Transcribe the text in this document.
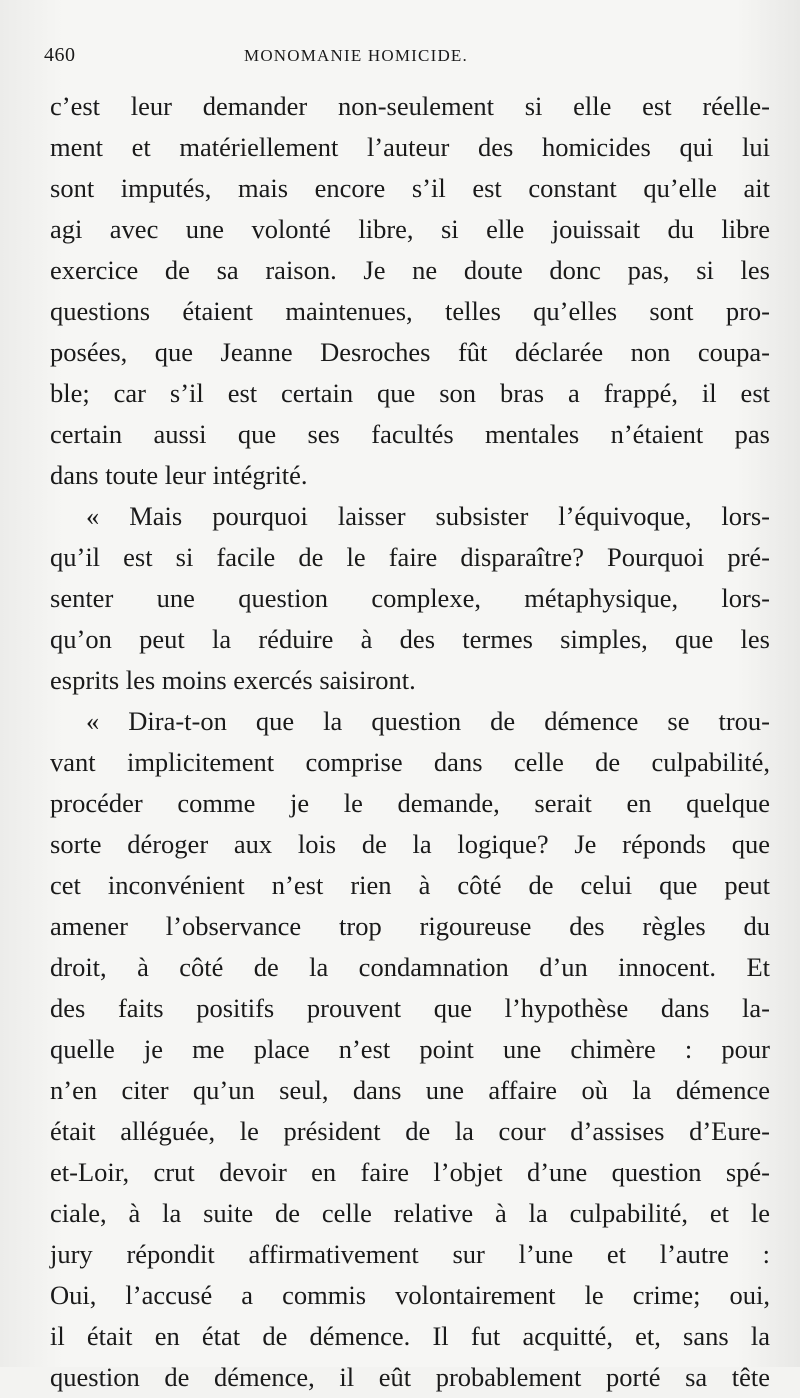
460	MONOMANIE HOMICIDE.
c’est leur demander non-seulement si elle est réelle-
ment et matériellement l’auteur des homicides qui lui
sont imputés, mais encore s’il est constant qu’elle ait
agi avec une volonté libre, si elle jouissait du libre
exercice de sa raison. Je ne doute donc pas, si les
questions étaient maintenues, telles qu’elles sont pro-
posées, que Jeanne Desroches fût déclarée non coupa-
ble; car s’il est certain que son bras a frappé, il est
certain aussi que ses facultés mentales n’étaient pas
dans toute leur intégrité.
« Mais pourquoi laisser subsister l’équivoque, lors-
qu’il est si facile de le faire disparaître? Pourquoi pré-
senter une question complexe, métaphysique, lors-
qu’on peut la réduire à des termes simples, que les
esprits les moins exercés saisiront.
« Dira-t-on que la question de démence se trou-
vant implicitement comprise dans celle de culpabilité,
procéder comme je le demande, serait en quelque
sorte déroger aux lois de la logique? Je réponds que
cet inconvénient n’est rien à côté de celui que peut
amener l’observance trop rigoureuse des règles du
droit, à côté de la condamnation d’un innocent. Et
des faits positifs prouvent que l’hypothèse dans la-
quelle je me place n’est point une chimère : pour
n’en citer qu’un seul, dans une affaire où la démence
était alléguée, le président de la cour d’assises d’Eure-
et-Loir, crut devoir en faire l’objet d’une question spé-
ciale, à la suite de celle relative à la culpabilité, et le
jury répondit affirmativement sur l’une et l’autre :
Oui, l’accusé a commis volontairement le crime; oui,
il était en état de démence. Il fut acquitté, et, sans la
question de démence, il eût probablement porté sa tête
